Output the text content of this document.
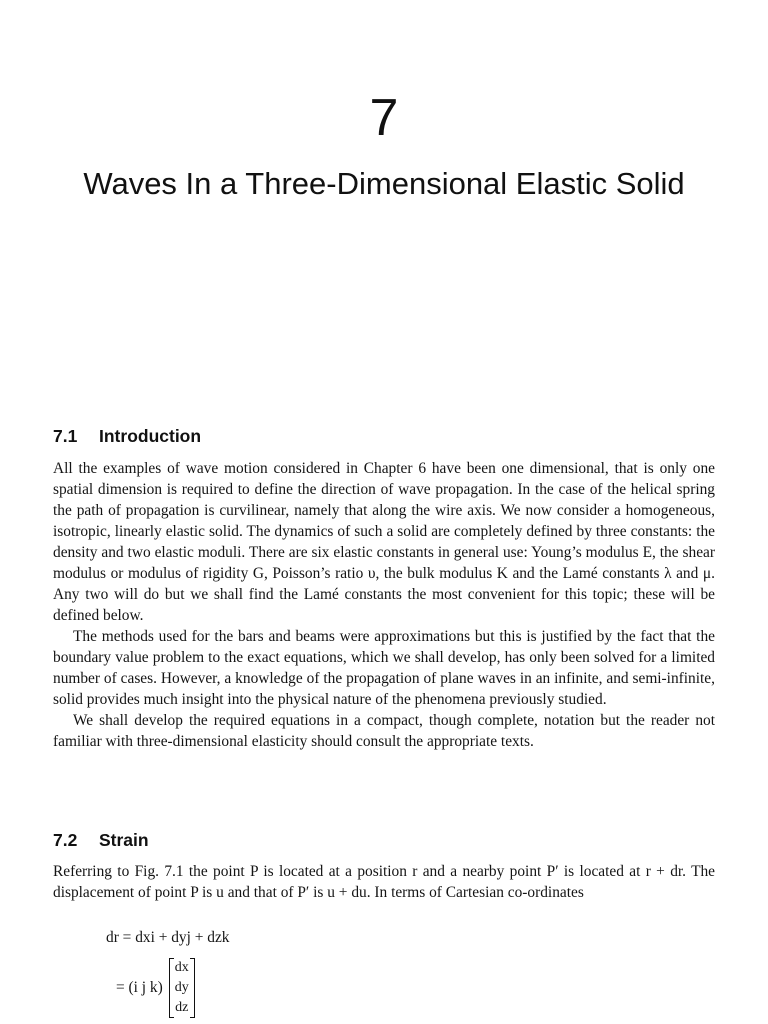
7
Waves In a Three-Dimensional Elastic Solid
7.1 Introduction

All the examples of wave motion considered in Chapter 6 have been one dimensional, that is only one spatial dimension is required to define the direction of wave propagation. In the case of the helical spring the path of propagation is curvilinear, namely that along the wire axis. We now consider a homogeneous, isotropic, linearly elastic solid. The dynamics of such a solid are completely defined by three constants: the density and two elastic moduli. There are six elastic constants in general use: Young’s modulus E, the shear modulus or modulus of rigidity G, Poisson’s ratio υ, the bulk modulus K and the Lamé constants λ and μ. Any two will do but we shall find the Lamé constants the most convenient for this topic; these will be defined below.

The methods used for the bars and beams were approximations but this is justified by the fact that the boundary value problem to the exact equations, which we shall develop, has only been solved for a limited number of cases. However, a knowledge of the propagation of plane waves in an infinite, and semi-infinite, solid provides much insight into the physical nature of the phenomena previously studied.

We shall develop the required equations in a compact, though complete, notation but the reader not familiar with three-dimensional elasticity should consult the appropriate texts.

7.2 Strain

Referring to Fig. 7.1 the point P is located at a position r and a nearby point P′ is located at r + dr. The displacement of point P is u and that of P′ is u + du. In terms of Cartesian co-ordinates

dr = dxi + dyj + dzk
= (i j k)
dx
dy
dz
